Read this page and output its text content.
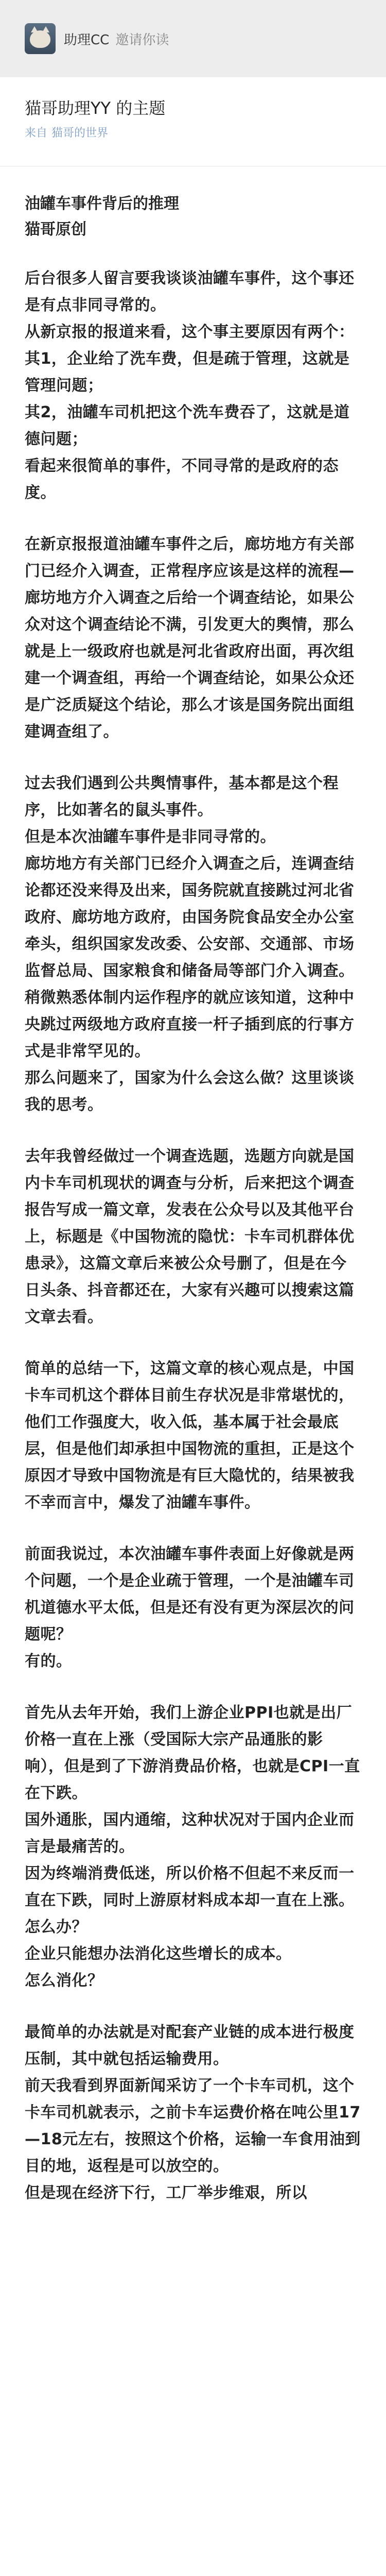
助理CC 邀请你读
猫哥助理YY 的主题
来自 猫哥的世界
油罐车事件背后的推理
猫哥原创

后台很多人留言要我谈谈油罐车事件，这个事还是有点非同寻常的。

从新京报的报道来看，这个事主要原因有两个：

其1，企业给了洗车费，但是疏于管理，这就是管理问题；

其2，油罐车司机把这个洗车费吞了，这就是道德问题；

看起来很简单的事件，不同寻常的是政府的态度。

在新京报报道油罐车事件之后，廊坊地方有关部门已经介入调查，正常程序应该是这样的流程—廊坊地方介入调查之后给一个调查结论，如果公众对这个调查结论不满，引发更大的舆情，那么就是上一级政府也就是河北省政府出面，再次组建一个调查组，再给一个调查结论，如果公众还是广泛质疑这个结论，那么才该是国务院出面组建调查组了。

过去我们遇到公共舆情事件，基本都是这个程序，比如著名的鼠头事件。

但是本次油罐车事件是非同寻常的。

廊坊地方有关部门已经介入调查之后，连调查结论都还没来得及出来，国务院就直接跳过河北省政府、廊坊地方政府，由国务院食品安全办公室牵头，组织国家发改委、公安部、交通部、市场监督总局、国家粮食和储备局等部门介入调查。

稍微熟悉体制内运作程序的就应该知道，这种中央跳过两级地方政府直接一杆子插到底的行事方式是非常罕见的。

那么问题来了，国家为什么会这么做？这里谈谈我的思考。

去年我曾经做过一个调查选题，选题方向就是国内卡车司机现状的调查与分析，后来把这个调查报告写成一篇文章，发表在公众号以及其他平台上，标题是《中国物流的隐忧：卡车司机群体优患录》，这篇文章后来被公众号删了，但是在今日头条、抖音都还在，大家有兴趣可以搜索这篇文章去看。

简单的总结一下，这篇文章的核心观点是，中国卡车司机这个群体目前生存状况是非常堪忧的，他们工作强度大，收入低，基本属于社会最底层，但是他们却承担中国物流的重担，正是这个原因才导致中国物流是有巨大隐忧的，结果被我不幸而言中，爆发了油罐车事件。

前面我说过，本次油罐车事件表面上好像就是两个问题，一个是企业疏于管理，一个是油罐车司机道德水平太低，但是还有没有更为深层次的问题呢？

有的。

首先从去年开始，我们上游企业PPI也就是出厂价格一直在上涨（受国际大宗产品通胀的影响），但是到了下游消费品价格，也就是CPI一直在下跌。

国外通胀，国内通缩，这种状况对于国内企业而言是最痛苦的。

因为终端消费低迷，所以价格不但起不来反而一直在下跌，同时上游原材料成本却一直在上涨。

怎么办？

企业只能想办法消化这些增长的成本。

怎么消化？

最简单的办法就是对配套产业链的成本进行极度压制，其中就包括运输费用。

前天我看到界面新闻采访了一个卡车司机，这个卡车司机就表示，之前卡车运费价格在吨公里17—18元左右，按照这个价格，运输一车食用油到目的地，返程是可以放空的。

但是现在经济下行，工厂举步维艰，所以
